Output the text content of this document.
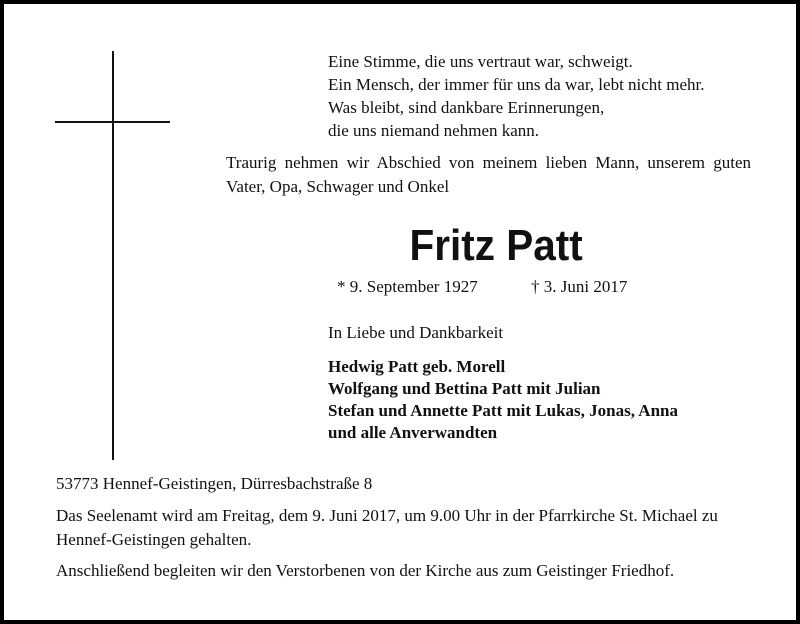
Eine Stimme, die uns vertraut war, schweigt.
Ein Mensch, der immer für uns da war, lebt nicht mehr.
Was bleibt, sind dankbare Erinnerungen,
die uns niemand nehmen kann.
Traurig nehmen wir Abschied von meinem lieben Mann, unserem guten Vater, Opa, Schwager und Onkel
Fritz Patt
* 9. September 1927	† 3. Juni 2017
In Liebe und Dankbarkeit
Hedwig Patt geb. Morell
Wolfgang und Bettina Patt mit Julian
Stefan und Annette Patt mit Lukas, Jonas, Anna
und alle Anverwandten
53773 Hennef-Geistingen, Dürresbachstraße 8
Das Seelenamt wird am Freitag, dem 9. Juni 2017, um 9.00 Uhr in der Pfarrkirche St. Michael zu Hennef-Geistingen gehalten.
Anschließend begleiten wir den Verstorbenen von der Kirche aus zum Geistinger Friedhof.
